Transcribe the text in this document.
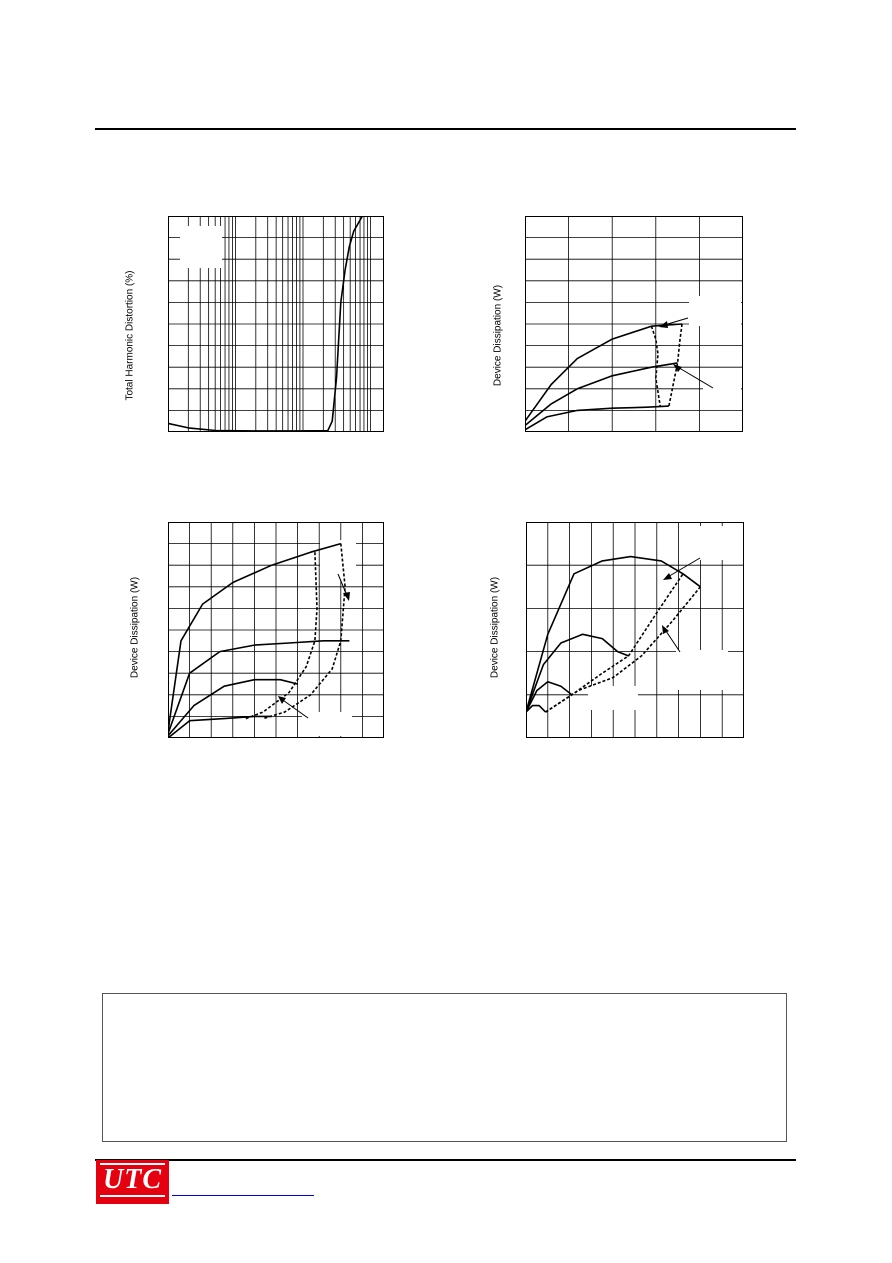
Total Harmonic Distortion (%)	Device Dissipation (W)
Device Dissipation (W)	Device Dissipation (W)
UTC
